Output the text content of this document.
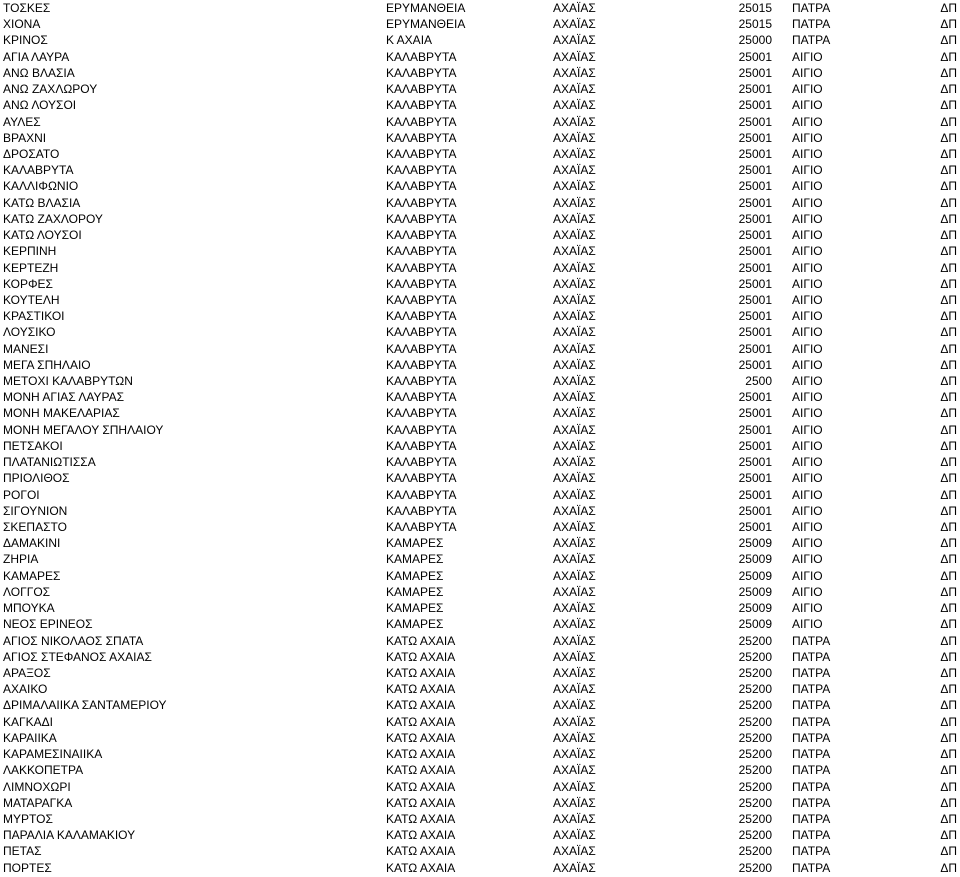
ΤΟΣΚΕΣ	ΕΡΥΜΑΝΘΕΙΑ	ΑΧΑΪΑΣ	25015 ΠΑΤΡΑ	ΔΠ
ΧΙΟΝΑ	ΕΡΥΜΑΝΘΕΙΑ	ΑΧΑΪΑΣ	25015 ΠΑΤΡΑ	ΔΠ
ΚΡΙΝΟΣ	Κ ΑΧΑΙΑ	ΑΧΑΪΑΣ	25000 ΠΑΤΡΑ	ΔΠ
ΑΓΙΑ ΛΑΥΡΑ	ΚΑΛΑΒΡΥΤΑ	ΑΧΑΪΑΣ	25001 ΑΙΓΙΟ	ΔΠ
ΑΝΩ ΒΛΑΣΙΑ	ΚΑΛΑΒΡΥΤΑ	ΑΧΑΪΑΣ	25001 ΑΙΓΙΟ	ΔΠ
ΑΝΩ ΖΑΧΛΩΡΟΥ	ΚΑΛΑΒΡΥΤΑ	ΑΧΑΪΑΣ	25001 ΑΙΓΙΟ	ΔΠ
ΑΝΩ ΛΟΥΣΟΙ	ΚΑΛΑΒΡΥΤΑ	ΑΧΑΪΑΣ	25001 ΑΙΓΙΟ	ΔΠ
ΑΥΛΕΣ	ΚΑΛΑΒΡΥΤΑ	ΑΧΑΪΑΣ	25001 ΑΙΓΙΟ	ΔΠ
ΒΡΑΧΝΙ	ΚΑΛΑΒΡΥΤΑ	ΑΧΑΪΑΣ	25001 ΑΙΓΙΟ	ΔΠ
ΔΡΟΣΑΤΟ	ΚΑΛΑΒΡΥΤΑ	ΑΧΑΪΑΣ	25001 ΑΙΓΙΟ	ΔΠ
ΚΑΛΑΒΡΥΤΑ	ΚΑΛΑΒΡΥΤΑ	ΑΧΑΪΑΣ	25001 ΑΙΓΙΟ	ΔΠ
ΚΑΛΛΙΦΩΝΙΟ	ΚΑΛΑΒΡΥΤΑ	ΑΧΑΪΑΣ	25001 ΑΙΓΙΟ	ΔΠ
ΚΑΤΩ ΒΛΑΣΙΑ	ΚΑΛΑΒΡΥΤΑ	ΑΧΑΪΑΣ	25001 ΑΙΓΙΟ	ΔΠ
ΚΑΤΩ ΖΑΧΛΟΡΟΥ	ΚΑΛΑΒΡΥΤΑ	ΑΧΑΪΑΣ	25001 ΑΙΓΙΟ	ΔΠ
ΚΑΤΩ ΛΟΥΣΟΙ	ΚΑΛΑΒΡΥΤΑ	ΑΧΑΪΑΣ	25001 ΑΙΓΙΟ	ΔΠ
ΚΕΡΠΙΝΗ	ΚΑΛΑΒΡΥΤΑ	ΑΧΑΪΑΣ	25001 ΑΙΓΙΟ	ΔΠ
ΚΕΡΤΕΖΗ	ΚΑΛΑΒΡΥΤΑ	ΑΧΑΪΑΣ	25001 ΑΙΓΙΟ	ΔΠ
ΚΟΡΦΕΣ	ΚΑΛΑΒΡΥΤΑ	ΑΧΑΪΑΣ	25001 ΑΙΓΙΟ	ΔΠ
ΚΟΥΤΕΛΗ	ΚΑΛΑΒΡΥΤΑ	ΑΧΑΪΑΣ	25001 ΑΙΓΙΟ	ΔΠ
ΚΡΑΣΤΙΚΟΙ	ΚΑΛΑΒΡΥΤΑ	ΑΧΑΪΑΣ	25001 ΑΙΓΙΟ	ΔΠ
ΛΟΥΣΙΚΟ	ΚΑΛΑΒΡΥΤΑ	ΑΧΑΪΑΣ	25001 ΑΙΓΙΟ	ΔΠ
ΜΑΝΕΣΙ	ΚΑΛΑΒΡΥΤΑ	ΑΧΑΪΑΣ	25001 ΑΙΓΙΟ	ΔΠ
ΜΕΓΑ ΣΠΗΛΑΙΟ	ΚΑΛΑΒΡΥΤΑ	ΑΧΑΪΑΣ	25001 ΑΙΓΙΟ	ΔΠ
ΜΕΤΟΧΙ ΚΑΛΑΒΡΥΤΩΝ	ΚΑΛΑΒΡΥΤΑ	ΑΧΑΪΑΣ	2500 ΑΙΓΙΟ	ΔΠ
ΜΟΝΗ ΑΓΙΑΣ ΛΑΥΡΑΣ	ΚΑΛΑΒΡΥΤΑ	ΑΧΑΪΑΣ	25001 ΑΙΓΙΟ	ΔΠ
ΜΟΝΗ ΜΑΚΕΛΑΡΙΑΣ	ΚΑΛΑΒΡΥΤΑ	ΑΧΑΪΑΣ	25001 ΑΙΓΙΟ	ΔΠ
ΜΟΝΗ ΜΕΓΑΛΟΥ ΣΠΗΛΑΙΟΥ	ΚΑΛΑΒΡΥΤΑ	ΑΧΑΪΑΣ	25001 ΑΙΓΙΟ	ΔΠ
ΠΕΤΣΑΚΟΙ	ΚΑΛΑΒΡΥΤΑ	ΑΧΑΪΑΣ	25001 ΑΙΓΙΟ	ΔΠ
ΠΛΑΤΑΝΙΩΤΙΣΣΑ	ΚΑΛΑΒΡΥΤΑ	ΑΧΑΪΑΣ	25001 ΑΙΓΙΟ	ΔΠ
ΠΡΙΟΛΙΘΟΣ	ΚΑΛΑΒΡΥΤΑ	ΑΧΑΪΑΣ	25001 ΑΙΓΙΟ	ΔΠ
ΡΟΓΟΙ	ΚΑΛΑΒΡΥΤΑ	ΑΧΑΪΑΣ	25001 ΑΙΓΙΟ	ΔΠ
ΣΙΓΟΥΝΙΟΝ	ΚΑΛΑΒΡΥΤΑ	ΑΧΑΪΑΣ	25001 ΑΙΓΙΟ	ΔΠ
ΣΚΕΠΑΣΤΟ	ΚΑΛΑΒΡΥΤΑ	ΑΧΑΪΑΣ	25001 ΑΙΓΙΟ	ΔΠ
ΔΑΜΑΚΙΝΙ	ΚΑΜΑΡΕΣ	ΑΧΑΪΑΣ	25009 ΑΙΓΙΟ	ΔΠ
ΖΗΡΙΑ	ΚΑΜΑΡΕΣ	ΑΧΑΪΑΣ	25009 ΑΙΓΙΟ	ΔΠ
ΚΑΜΑΡΕΣ	ΚΑΜΑΡΕΣ	ΑΧΑΪΑΣ	25009 ΑΙΓΙΟ	ΔΠ
ΛΟΓΓΟΣ	ΚΑΜΑΡΕΣ	ΑΧΑΪΑΣ	25009 ΑΙΓΙΟ	ΔΠ
ΜΠΟΥΚΑ	ΚΑΜΑΡΕΣ	ΑΧΑΪΑΣ	25009 ΑΙΓΙΟ	ΔΠ
ΝΕΟΣ ΕΡΙΝΕΟΣ	ΚΑΜΑΡΕΣ	ΑΧΑΪΑΣ	25009 ΑΙΓΙΟ	ΔΠ
ΑΓΙΟΣ ΝΙΚΟΛΑΟΣ ΣΠΑΤΑ	ΚΑΤΩ ΑΧΑΙΑ	ΑΧΑΪΑΣ	25200 ΠΑΤΡΑ	ΔΠ
ΑΓΙΟΣ ΣΤΕΦΑΝΟΣ ΑΧΑΙΑΣ	ΚΑΤΩ ΑΧΑΙΑ	ΑΧΑΪΑΣ	25200 ΠΑΤΡΑ	ΔΠ
ΑΡΑΞΟΣ	ΚΑΤΩ ΑΧΑΙΑ	ΑΧΑΪΑΣ	25200 ΠΑΤΡΑ	ΔΠ
ΑΧΑΙΚΟ	ΚΑΤΩ ΑΧΑΙΑ	ΑΧΑΪΑΣ	25200 ΠΑΤΡΑ	ΔΠ
ΔΡΙΜΑΛΑΙΙΚΑ ΣΑΝΤΑΜΕΡΙΟΥ	ΚΑΤΩ ΑΧΑΙΑ	ΑΧΑΪΑΣ	25200 ΠΑΤΡΑ	ΔΠ
ΚΑΓΚΑΔΙ	ΚΑΤΩ ΑΧΑΙΑ	ΑΧΑΪΑΣ	25200 ΠΑΤΡΑ	ΔΠ
ΚΑΡΑΙΙΚΑ	ΚΑΤΩ ΑΧΑΙΑ	ΑΧΑΪΑΣ	25200 ΠΑΤΡΑ	ΔΠ
ΚΑΡΑΜΕΣΙΝΑΙΙΚΑ	ΚΑΤΩ ΑΧΑΙΑ	ΑΧΑΪΑΣ	25200 ΠΑΤΡΑ	ΔΠ
ΛΑΚΚΟΠΕΤΡΑ	ΚΑΤΩ ΑΧΑΙΑ	ΑΧΑΪΑΣ	25200 ΠΑΤΡΑ	ΔΠ
ΛΙΜΝΟΧΩΡΙ	ΚΑΤΩ ΑΧΑΙΑ	ΑΧΑΪΑΣ	25200 ΠΑΤΡΑ	ΔΠ
ΜΑΤΑΡΑΓΚΑ	ΚΑΤΩ ΑΧΑΙΑ	ΑΧΑΪΑΣ	25200 ΠΑΤΡΑ	ΔΠ
ΜΥΡΤΟΣ	ΚΑΤΩ ΑΧΑΙΑ	ΑΧΑΪΑΣ	25200 ΠΑΤΡΑ	ΔΠ
ΠΑΡΑΛΙΑ ΚΑΛΑΜΑΚΙΟΥ	ΚΑΤΩ ΑΧΑΙΑ	ΑΧΑΪΑΣ	25200 ΠΑΤΡΑ	ΔΠ
ΠΕΤΑΣ	ΚΑΤΩ ΑΧΑΙΑ	ΑΧΑΪΑΣ	25200 ΠΑΤΡΑ	ΔΠ
ΠΟΡΤΕΣ	ΚΑΤΩ ΑΧΑΙΑ	ΑΧΑΪΑΣ	25200 ΠΑΤΡΑ	ΔΠ
